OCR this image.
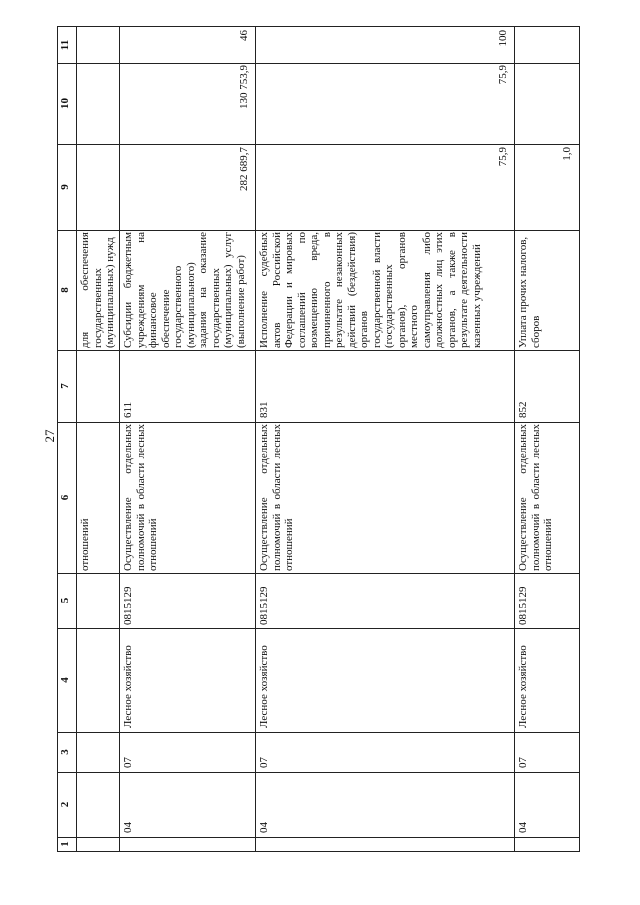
27
1
2
3
4
5
6
7
8
9
10
11
отношений
для обеспечения государственных (муниципальных) нужд
04
07
Лесное хозяйство
0815129
Осуществление отдельных полномочий в области лесных отношений
611
Субсидии бюджетным учреждениям на финансовое обеспечение государственного (муниципального) задания на оказание государственных (муниципальных) услуг (выполнение работ)
282 689,7
130 753,9
46
04
07
Лесное хозяйство
0815129
Осуществление отдельных полномочий в области лесных отношений
831
Исполнение судебных актов Российской Федерации и мировых соглашений по возмещению вреда, причиненного в результате незаконных действий (бездействия) органов государственной власти (государственных органов), органов местного самоуправления либо должностных лиц этих органов, а также в результате деятельности казенных учреждений
75,9
75,9
100
04
07
Лесное хозяйство
0815129
Осуществление отдельных полномочий в области лесных отношений
852
Уплата прочих налогов, сборов
1,0
